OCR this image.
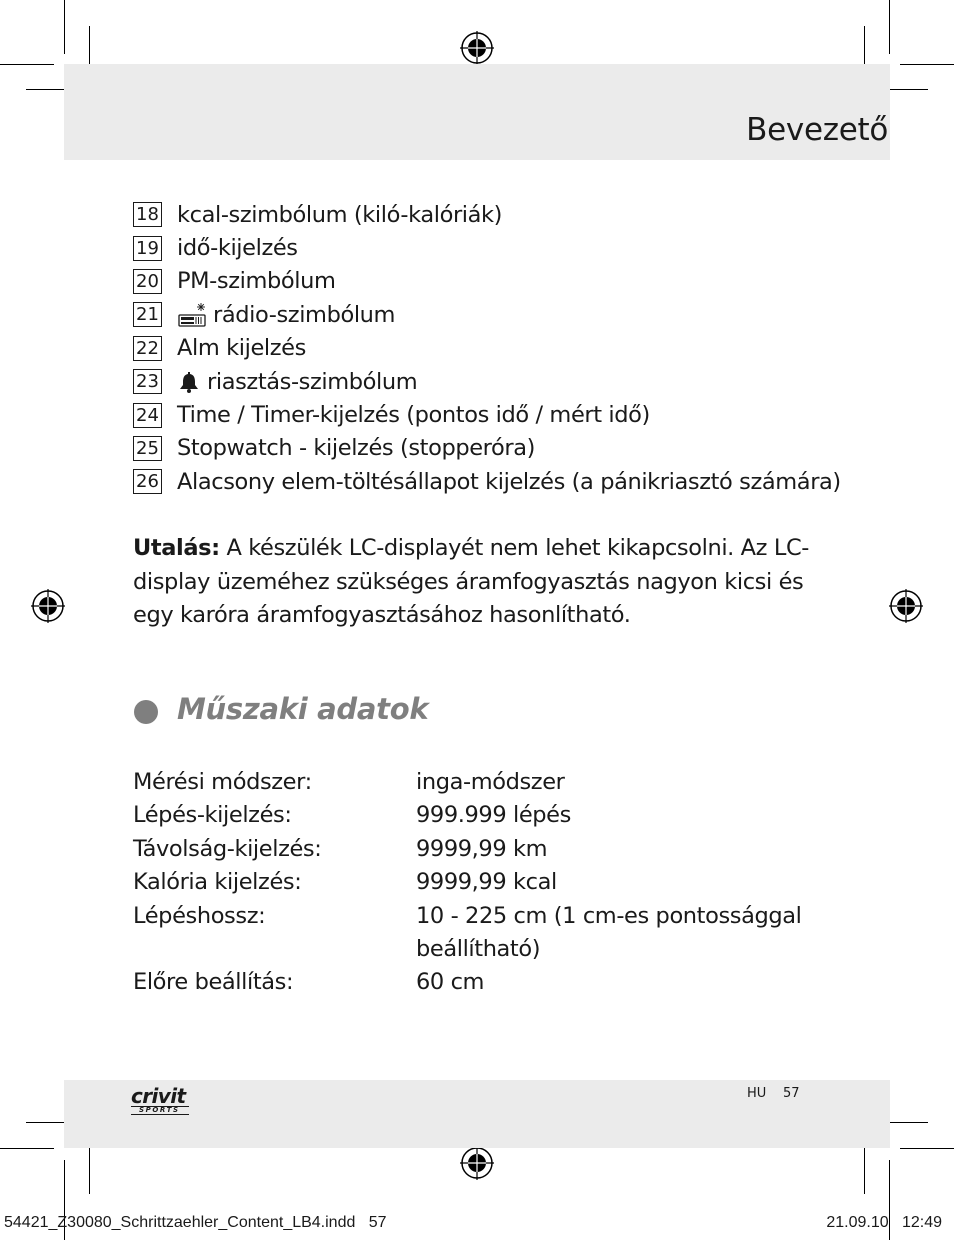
Bevezető
18 kcal-szimbólum (kiló-kalóriák)
19 idő-kijelzés
20 PM-szimbólum
21 rádio-szimbólum
22 Alm kijelzés
23 riasztás-szimbólum
24 Time / Timer-kijelzés (pontos idő / mért idő)
25 Stopwatch - kijelzés (stopperóra)
26 Alacsony elem-töltésállapot kijelzés (a pánikriasztó számára)

Utalás: A készülék LC-displayét nem lehet kikapcsolni. Az LC-display üzeméhez szükséges áramfogyasztás nagyon kicsi és egy karóra áramfogyasztásához hasonlítható.

Műszaki adatok
Mérési módszer:	inga-módszer
Lépés-kijelzés:	999.999 lépés
Távolság-kijelzés:	9999,99 km
Kalória kijelzés:	9999,99 kcal
Lépéshossz:	10 - 225 cm (1 cm-es pontossággal beállítható)
Előre beállítás:	60 cm
crivit
SPORTS
HU 57
54421_Z30080_Schrittzaehler_Content_LB4.indd   57	21.09.10   12:49
